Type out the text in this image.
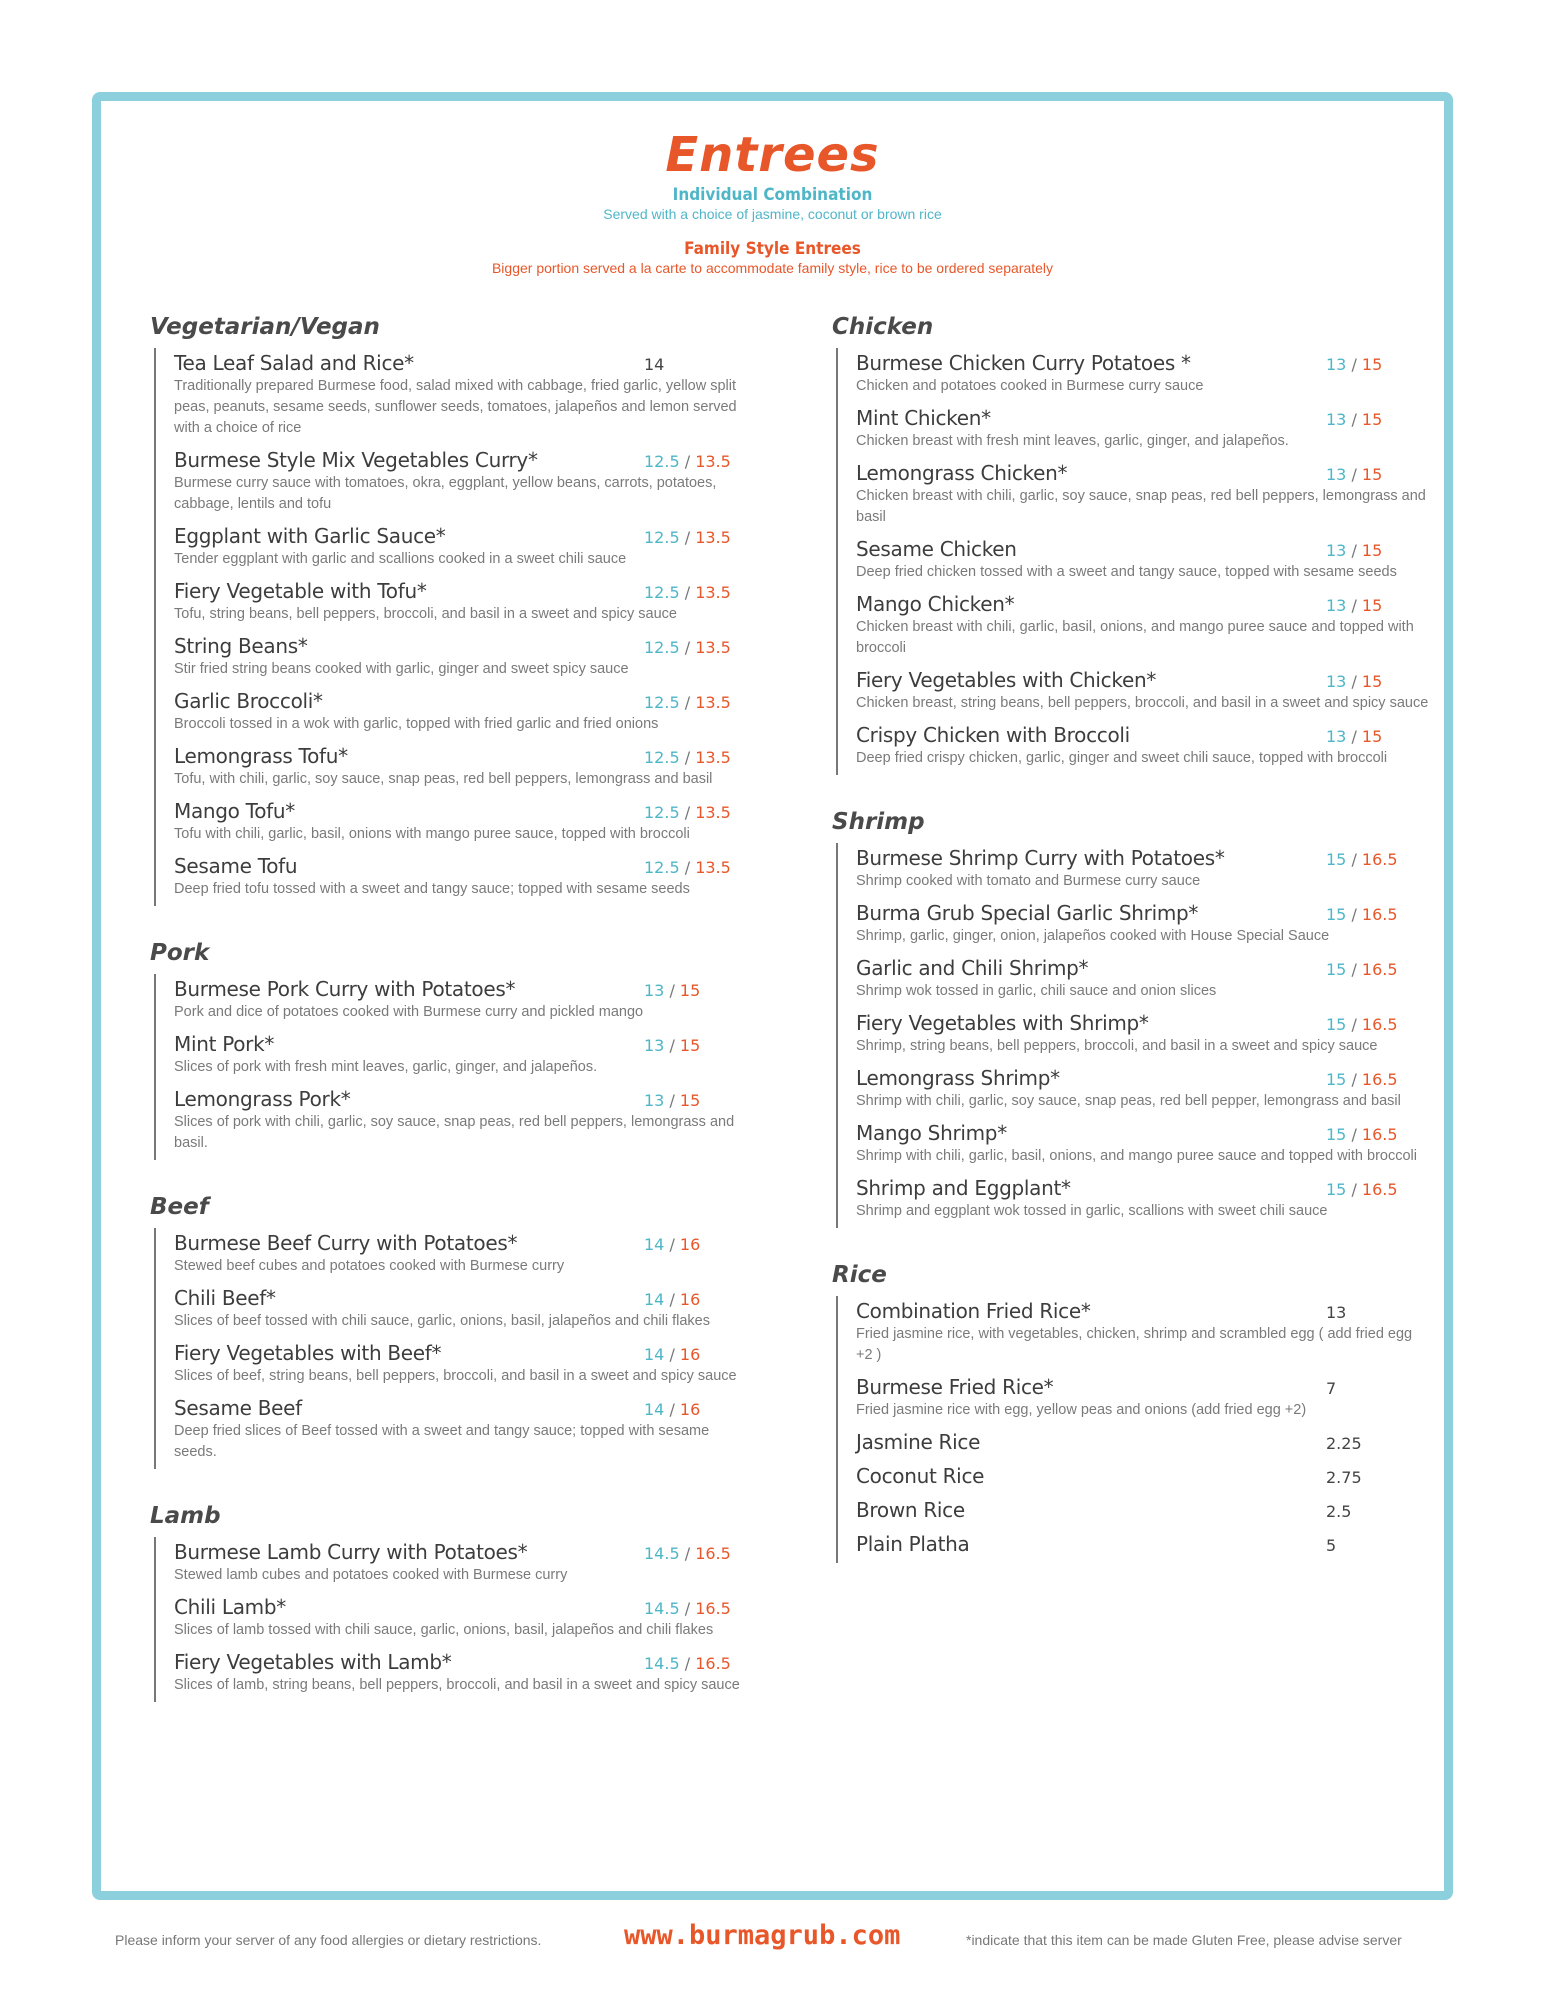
Entrees
Individual Combination
Served with a choice of jasmine, coconut or brown rice
Family Style Entrees
Bigger portion served a la carte to accommodate family style, rice to be ordered separately
Vegetarian/Vegan
Tea Leaf Salad and Rice*
Traditionally prepared Burmese food, salad mixed with cabbage, fried garlic, yellow split peas, peanuts, sesame seeds, sunflower seeds, tomatoes, jalapeños and lemon served with a choice of rice
14
Burmese Style Mix Vegetables Curry*
Burmese curry sauce with tomatoes, okra, eggplant, yellow beans, carrots, potatoes, cabbage, lentils and tofu
12.5 / 13.5
Eggplant with Garlic Sauce*
Tender eggplant with garlic and scallions cooked in a sweet chili sauce
12.5 / 13.5
Fiery Vegetable with Tofu*
Tofu, string beans, bell peppers, broccoli, and basil in a sweet and spicy sauce
12.5 / 13.5
String Beans*
Stir fried string beans cooked with garlic, ginger and sweet spicy sauce
12.5 / 13.5
Garlic Broccoli*
Broccoli tossed in a wok with garlic, topped with fried garlic and fried onions
12.5 / 13.5
Lemongrass Tofu*
Tofu, with chili, garlic, soy sauce, snap peas, red bell peppers, lemongrass and basil
12.5 / 13.5
Mango Tofu*
Tofu with chili, garlic, basil, onions with mango puree sauce, topped with broccoli
12.5 / 13.5
Sesame Tofu
Deep fried tofu tossed with a sweet and tangy sauce; topped with sesame seeds
12.5 / 13.5
Pork
Burmese Pork Curry with Potatoes*
Pork and dice of potatoes cooked with Burmese curry and pickled mango
13 / 15
Mint Pork*
Slices of pork with fresh mint leaves, garlic, ginger, and jalapeños.
13 / 15
Lemongrass Pork*
Slices of pork with chili, garlic, soy sauce, snap peas, red bell peppers, lemongrass and basil.
13 / 15
Beef
Burmese Beef Curry with Potatoes*
Stewed beef cubes and potatoes cooked with Burmese curry
14 / 16
Chili Beef*
Slices of beef tossed with chili sauce, garlic, onions, basil, jalapeños and chili flakes
14 / 16
Fiery Vegetables with Beef*
Slices of beef, string beans, bell peppers, broccoli, and basil in a sweet and spicy sauce
14 / 16
Sesame Beef
Deep fried slices of Beef tossed with a sweet and tangy sauce; topped with sesame seeds.
14 / 16
Lamb
Burmese Lamb Curry with Potatoes*
Stewed lamb cubes and potatoes cooked with Burmese curry
14.5 / 16.5
Chili Lamb*
Slices of lamb tossed with chili sauce, garlic, onions, basil, jalapeños and chili flakes
14.5 / 16.5
Fiery Vegetables with Lamb*
Slices of lamb, string beans, bell peppers, broccoli, and basil in a sweet and spicy sauce
14.5 / 16.5
Chicken
Burmese Chicken Curry Potatoes *
Chicken and potatoes cooked in Burmese curry sauce
13 / 15
Mint Chicken*
Chicken breast with fresh mint leaves, garlic, ginger, and jalapeños.
13 / 15
Lemongrass Chicken*
Chicken breast with chili, garlic, soy sauce, snap peas, red bell peppers, lemongrass and basil
13 / 15
Sesame Chicken
Deep fried chicken tossed with a sweet and tangy sauce, topped with sesame seeds
13 / 15
Mango Chicken*
Chicken breast with chili, garlic, basil, onions, and mango puree sauce and topped with broccoli
13 / 15
Fiery Vegetables with Chicken*
Chicken breast, string beans, bell peppers, broccoli, and basil in a sweet and spicy sauce
13 / 15
Crispy Chicken with Broccoli
Deep fried crispy chicken, garlic, ginger and sweet chili sauce, topped with broccoli
13 / 15
Shrimp
Burmese Shrimp Curry with Potatoes*
Shrimp cooked with tomato and Burmese curry sauce
15 / 16.5
Burma Grub Special Garlic Shrimp*
Shrimp, garlic, ginger, onion, jalapeños cooked with House Special Sauce
15 / 16.5
Garlic and Chili Shrimp*
Shrimp wok tossed in garlic, chili sauce and onion slices
15 / 16.5
Fiery Vegetables with Shrimp*
Shrimp, string beans, bell peppers, broccoli, and basil in a sweet and spicy sauce
15 / 16.5
Lemongrass Shrimp*
Shrimp with chili, garlic, soy sauce, snap peas, red bell pepper, lemongrass and basil
15 / 16.5
Mango Shrimp*
Shrimp with chili, garlic, basil, onions, and mango puree sauce and topped with broccoli
15 / 16.5
Shrimp and Eggplant*
Shrimp and eggplant wok tossed in garlic, scallions with sweet chili sauce
15 / 16.5
Rice
Combination Fried Rice*
Fried jasmine rice, with vegetables, chicken, shrimp and scrambled egg ( add fried egg +2 )
13
Burmese Fried Rice*
Fried jasmine rice with egg, yellow peas and onions (add fried egg +2)
7
Jasmine Rice	2.25
Coconut Rice	2.75
Brown Rice	2.5
Plain Platha	5
Please inform your server of any food allergies or dietary restrictions.	www.burmagrub.com	*indicate that this item can be made Gluten Free, please advise server
